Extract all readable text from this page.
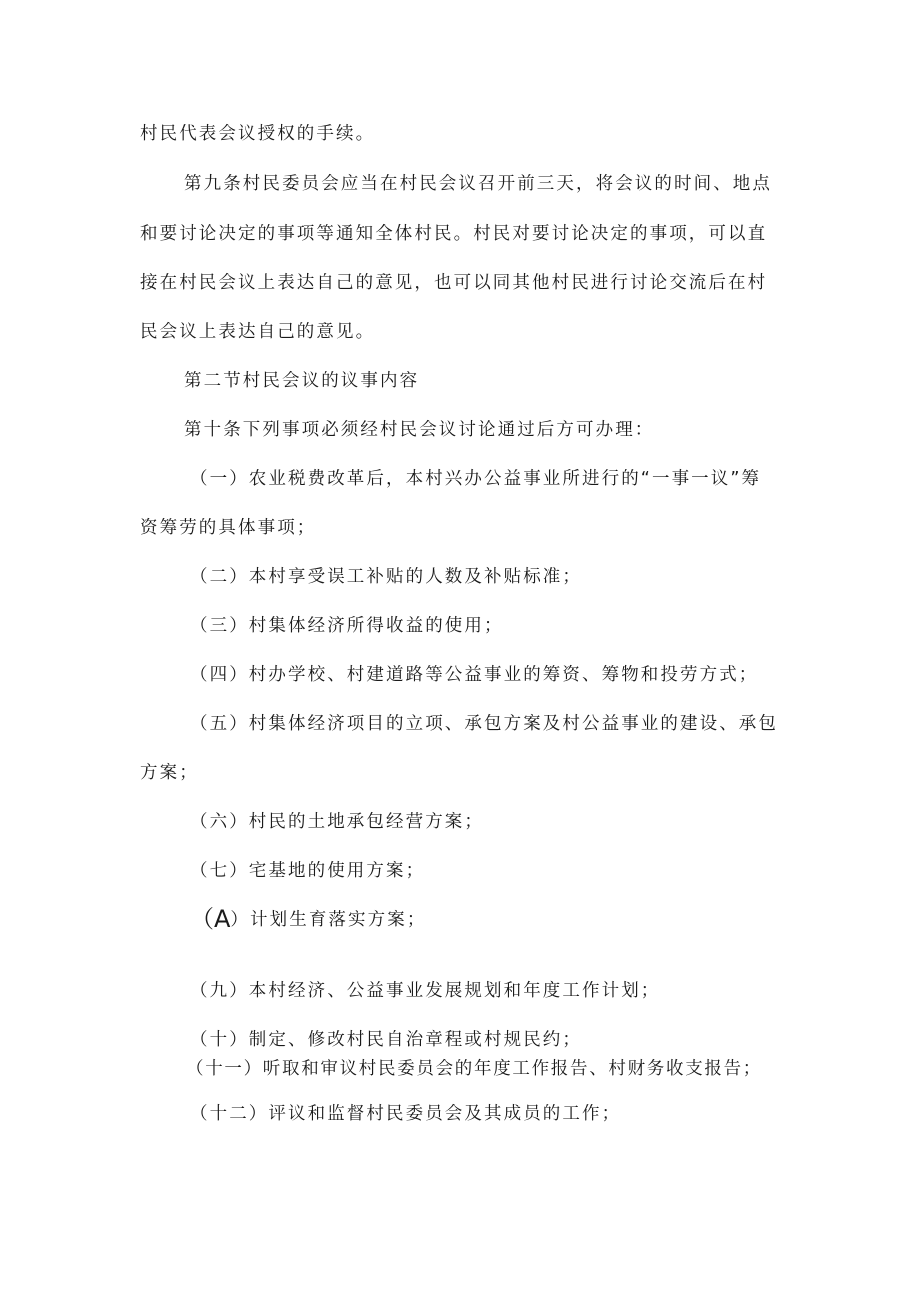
村民代表会议授权的手续。
第九条村民委员会应当在村民会议召开前三天，将会议的时间、地点
和要讨论决定的事项等通知全体村民。村民对要讨论决定的事项，可以直
接在村民会议上表达自己的意见，也可以同其他村民进行讨论交流后在村
民会议上表达自己的意见。
第二节村民会议的议事内容
第十条下列事项必须经村民会议讨论通过后方可办理：
（一）农业税费改革后，本村兴办公益事业所进行的“一事一议”筹
资筹劳的具体事项；
（二）本村享受误工补贴的人数及补贴标准；
（三）村集体经济所得收益的使用；
（四）村办学校、村建道路等公益事业的筹资、筹物和投劳方式；
（五）村集体经济项目的立项、承包方案及村公益事业的建设、承包
方案；
（六）村民的土地承包经营方案；
（七）宅基地的使用方案；
（A）计划生育落实方案；
（九）本村经济、公益事业发展规划和年度工作计划；
（十）制定、修改村民自治章程或村规民约；
（十一）听取和审议村民委员会的年度工作报告、村财务收支报告；
（十二）评议和监督村民委员会及其成员的工作；
